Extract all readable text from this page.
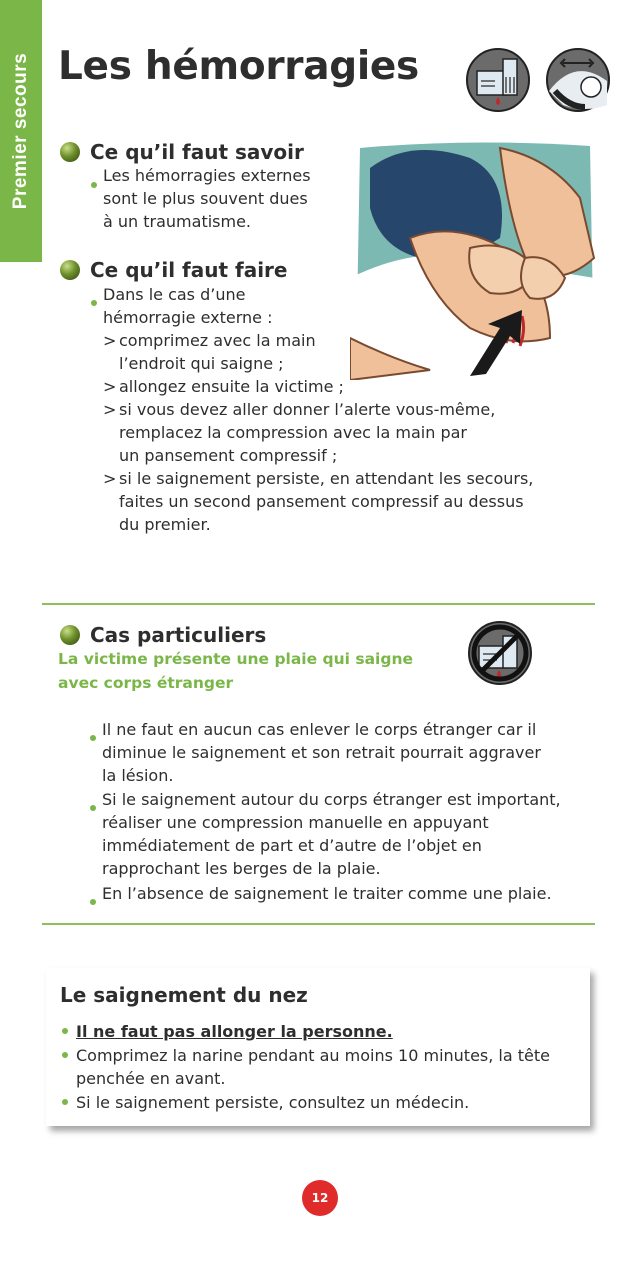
Premier secours Les hémorragies
Ce qu’il faut savoir
Les hémorragies externes
sont le plus souvent dues
à un traumatisme.
Ce qu’il faut faire
Dans le cas d’une
hémorragie externe :
> comprimez avec la main
l’endroit qui saigne ;
> allongez ensuite la victime ;
> si vous devez aller donner l’alerte vous-même,
remplacez la compression avec la main par
un pansement compressif ;
> si le saignement persiste, en attendant les secours,
faites un second pansement compressif au dessus
du premier.
Cas particuliers
La victime présente une plaie qui saigne
avec corps étranger
Il ne faut en aucun cas enlever le corps étranger car il
diminue le saignement et son retrait pourrait aggraver
la lésion.
Si le saignement autour du corps étranger est important,
réaliser une compression manuelle en appuyant
immédiatement de part et d’autre de l’objet en
rapprochant les berges de la plaie.
En l’absence de saignement le traiter comme une plaie.
Le saignement du nez
Il ne faut pas allonger la personne.
Comprimez la narine pendant au moins 10 minutes, la tête
penchée en avant.
Si le saignement persiste, consultez un médecin.
12
